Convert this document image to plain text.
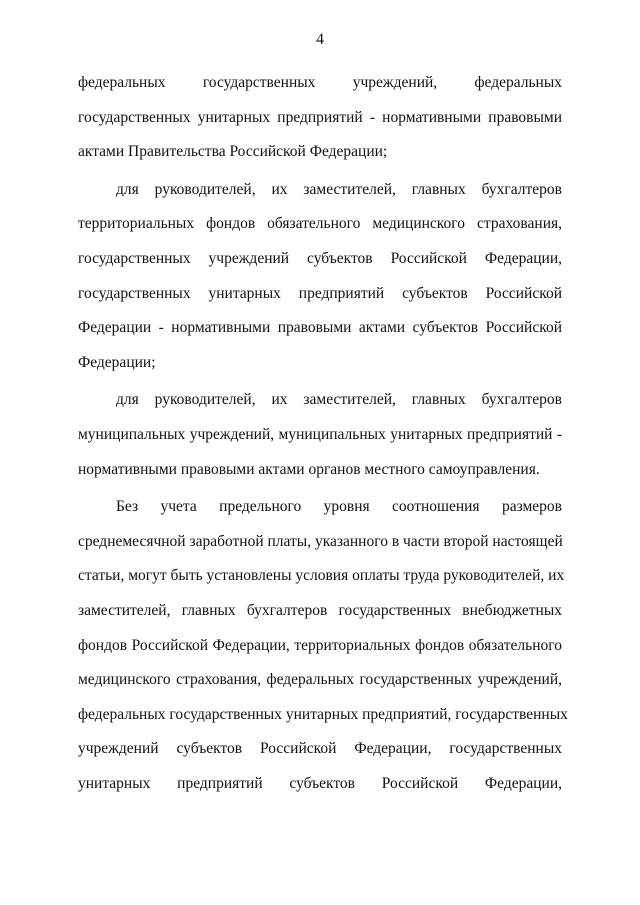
4
федеральных государственных учреждений, федеральных
государственных унитарных предприятий - нормативными правовыми
актами Правительства Российской Федерации;
для руководителей, их заместителей, главных бухгалтеров
территориальных фондов обязательного медицинского страхования,
государственных учреждений субъектов Российской Федерации,
государственных унитарных предприятий субъектов Российской
Федерации - нормативными правовыми актами субъектов Российской
Федерации;
для руководителей, их заместителей, главных бухгалтеров
муниципальных учреждений, муниципальных унитарных предприятий -
нормативными правовыми актами органов местного самоуправления.
Без учета предельного уровня соотношения размеров
среднемесячной заработной платы, указанного в части второй настоящей
статьи, могут быть установлены условия оплаты труда руководителей, их
заместителей, главных бухгалтеров государственных внебюджетных
фондов Российской Федерации, территориальных фондов обязательного
медицинского страхования, федеральных государственных учреждений,
федеральных государственных унитарных предприятий, государственных
учреждений субъектов Российской Федерации, государственных
унитарных предприятий субъектов Российской Федерации,
